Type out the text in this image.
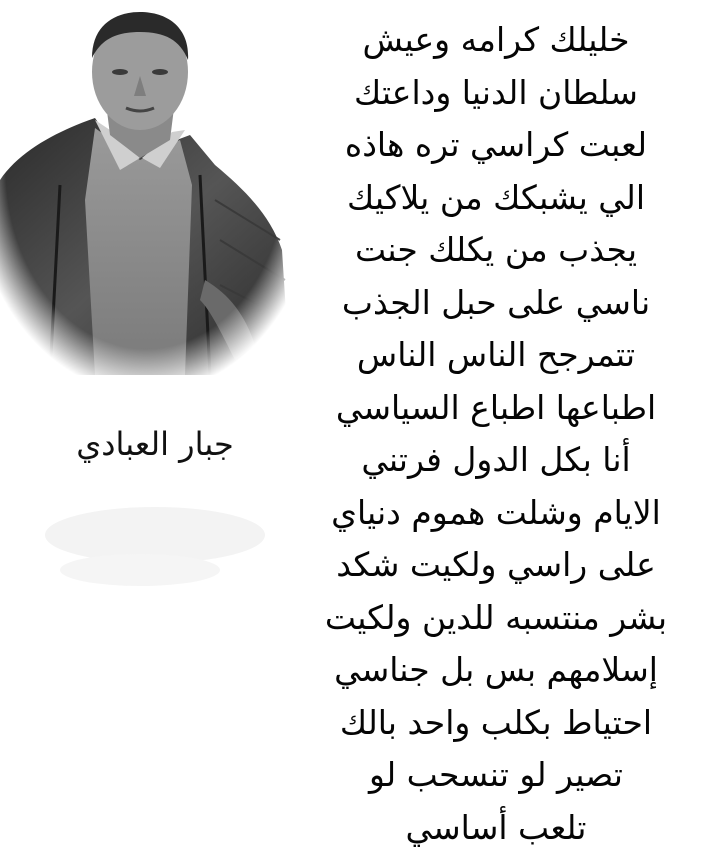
جبار العبادي
خليلك كرامه وعيش
سلطان الدنيا وداعتك
لعبت كراسي تره هاذه
الي يشبكك من يلاكيك
يجذب من يكلك جنت
ناسي على حبل الجذب
تتمرجح الناس الناس
اطباعها اطباع السياسي
أنا بكل الدول فرتني
الايام وشلت هموم دنياي
على راسي ولكيت شكد
بشر منتسبه للدين ولكيت
إسلامهم بس بل جناسي
احتياط بكلب واحد بالك
تصير لو تنسحب لو
تلعب أساسي
